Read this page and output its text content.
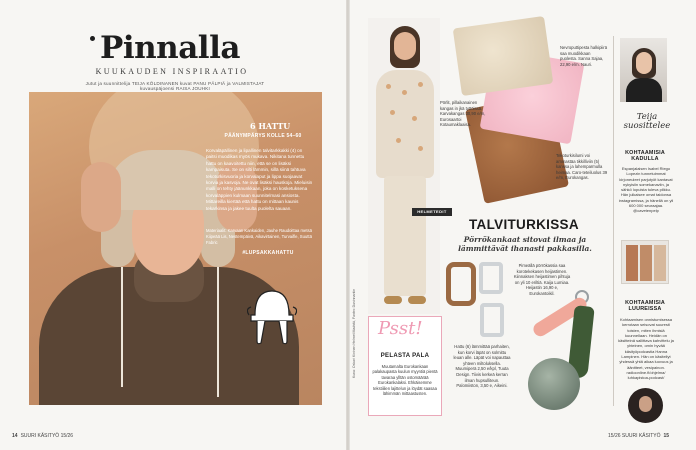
Pinnalla
KUUKAUDEN INSPIRAATIO
Jutut ja suunnittelija TEIJA KÖLDINANEN kuvat PANU PÄLPIÄ ja VALMISTAJAT kuvauspäjoensi RAISA JOUHKI
6 HATTU
PÄÄNYMPÄRYS KOLLE 54–60
Korvaläpällinen ja lipallinen talvitarkkakki (4) on paitsi muodikas myös mukava. Nikitana tunnettu hattu on kaavoitettu niin, että se on lisäksi kampaisuta. Se on silti lämmin, sillä siinä tahtuva tekoturkisvuoria ja korvalaput ja lippa suojaavat korvia ja kasvoja. Ne ovat lisäksi hauskoja. Mieluisin malli on tehty jäänunkkaan, joka on kosketuksena korvaläppien kulmaan suunnitelmasi ansiosta. Mittareilla kiertää että hattu on mittaan kaunis tekarkinsa ja jakee tuulta puolelta sauaan.
Materiaalit: Karvaan Kankaiden, Jauhe Raudoittaa metsä Kiipeää Lis, Nestempäivä, Aikavirtainen, Turvaifle, Suuttä Fabric
#LUPSAKKAHATTU
14 SUURI KÄSITYÖ 15/26
Kuva: Oskari Kivinen Helmet Madstä, Fantec Dusinnantie
HELMETEDIT
Nevroputtipesta halkipiirä saa muodikkaan puolesta. Sanna Sajaa, 22,90 e/m. Nauri.
Pörlit, pillaikanainen kangas in jkä tyttöissä. Karvakangas 30,90 e/m, Eurosaartoi Kotaumaklaaisa.
Tekoturkisilumi voi ammastäa tikkilliviin (5) kanssa ja lahemparmulla heimaa. Caro-teteiluolus 39 e/m, Eurokangas.
TALVITURKISSA
Pörrökankaat sitovat ilmaa ja lämmittävät ihanasti pakkasilla.
Pimeällä pörrökassia saa korotekekasen heijastimen. Kiinnaksen heijastimen pihtuja on yli 10 eriltiä. Kaija Lumiaa. Heijastin 16,90 e, Eurokantoikil.
Hattu (6) lämmittää parhaiten, kun korvi läpät on solmittu leuan alle. Läpät voi napauttaa yhteen miltoluksella. Muumiperä 2,50 e/kpl, Tuuta Design. Tiivis kerkeä kerran ilman hupsulliteun. Palomiiston, 3,50 e, Aikeini.
Psst!
PELASTA PALA
Muutamalta Eurokankaan palakaupasta kuulun myyntiä pientä tavaraa ylltän ostomäärää Eurokankalaksi. Ehkäisemme tekstiilien lajittelun ja löydät saasaa lähimmän mittaastusten.
Teija suosittelee
KOHTAAMISIA KADULLA
Espanjalaisen Isabel Riego Lopezin tunnetuimmat kirjoneuleet parjutyöt kantavat nykyisiin somekanaviin, ja sähkö lopuista tuleva pilkku. Hän julkaisee omat taidonsa instagramissa, ja hänellä on yli 600 000 seuraajaa. @cavetenpelp
KOHTAAMISIA LUUREISSA
Kohtaamisen onnistumisessa kerrotaan seisovat suuresti toisten, miten ihmisiä kuunnellaan. Heidän on käsitteinä sallittava kahvittelu ja yhteinen, omin hyvää käsityöpodcastia Hanna Lampinen. Hän on käsitellyt yhdessä yhtä aikaa luovuus ja äänitteet, vesipainon. radioonline.fi/ohjelma/ luhkapistoa-podcast/
15/26 SUURI KÄSITYÖ 15
